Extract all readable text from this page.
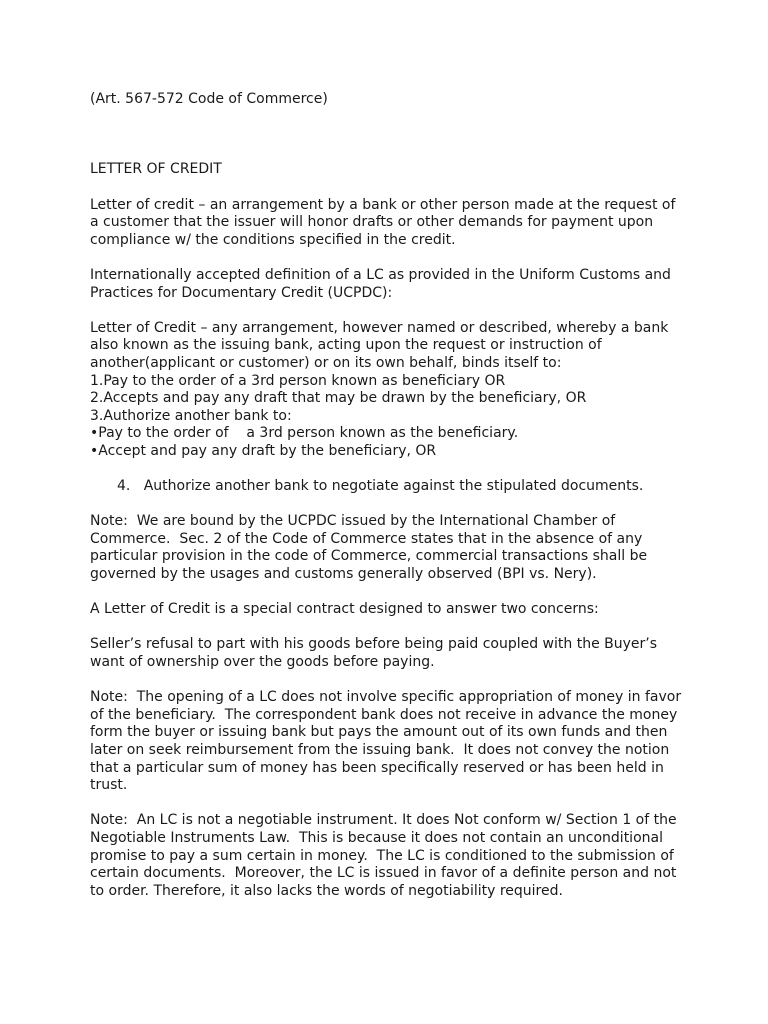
(Art. 567-572 Code of Commerce)

LETTER OF CREDIT

Letter of credit – an arrangement by a bank or other person made at the request of
a customer that the issuer will honor drafts or other demands for payment upon
compliance w/ the conditions specified in the credit.

Internationally accepted definition of a LC as provided in the Uniform Customs and
Practices for Documentary Credit (UCPDC):

Letter of Credit – any arrangement, however named or described, whereby a bank
also known as the issuing bank, acting upon the request or instruction of
another(applicant or customer) or on its own behalf, binds itself to:

1.Pay to the order of a 3rd person known as beneficiary OR

2.Accepts and pay any draft that may be drawn by the beneficiary, OR

3.Authorize another bank to:

•Pay to the order of    a 3rd person known as the beneficiary.

•Accept and pay any draft by the beneficiary, OR

4.   Authorize another bank to negotiate against the stipulated documents.

Note:  We are bound by the UCPDC issued by the International Chamber of
Commerce.  Sec. 2 of the Code of Commerce states that in the absence of any
particular provision in the code of Commerce, commercial transactions shall be
governed by the usages and customs generally observed (BPI vs. Nery).

A Letter of Credit is a special contract designed to answer two concerns:

Seller’s refusal to part with his goods before being paid coupled with the Buyer’s
want of ownership over the goods before paying.

Note:  The opening of a LC does not involve specific appropriation of money in favor
of the beneficiary.  The correspondent bank does not receive in advance the money
form the buyer or issuing bank but pays the amount out of its own funds and then
later on seek reimbursement from the issuing bank.  It does not convey the notion
that a particular sum of money has been specifically reserved or has been held in
trust.

Note:  An LC is not a negotiable instrument. It does Not conform w/ Section 1 of the
Negotiable Instruments Law.  This is because it does not contain an unconditional
promise to pay a sum certain in money.  The LC is conditioned to the submission of
certain documents.  Moreover, the LC is issued in favor of a definite person and not
to order. Therefore, it also lacks the words of negotiability required.
